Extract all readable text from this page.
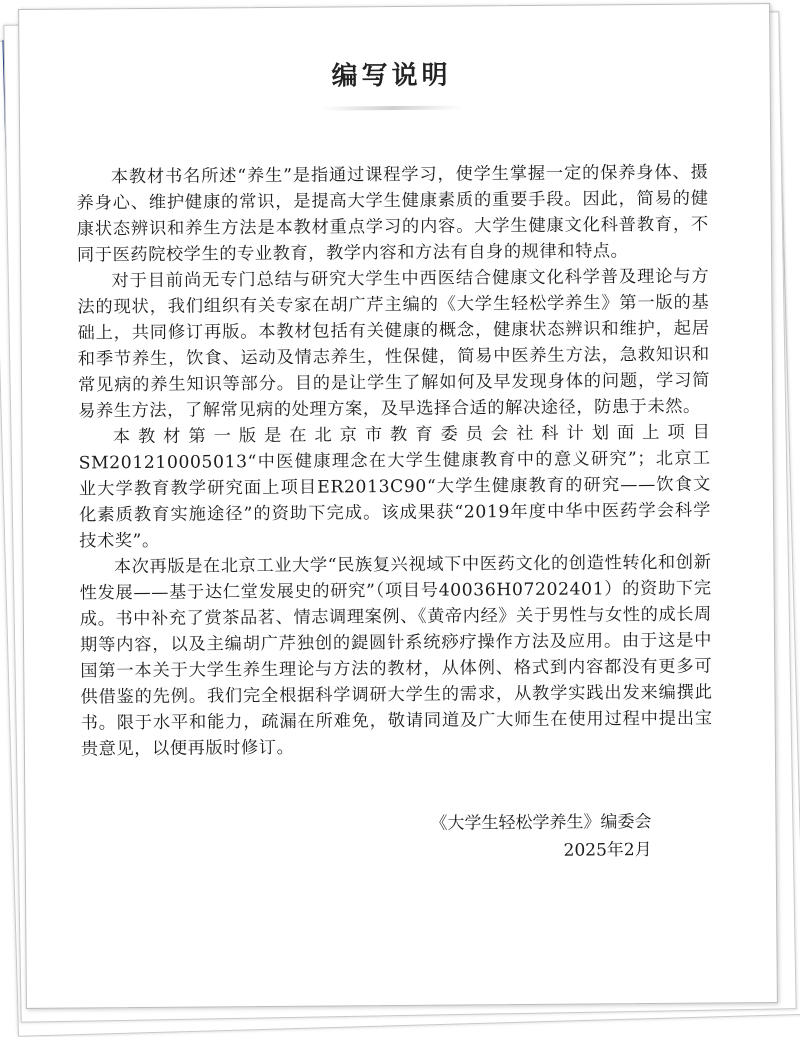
编写说明

本教材书名所述“养生”是指通过课程学习，使学生掌握一定的保养身体、摄养身心、维护健康的常识，是提高大学生健康素质的重要手段。因此，简易的健康状态辨识和养生方法是本教材重点学习的内容。大学生健康文化科普教育，不同于医药院校学生的专业教育，教学内容和方法有自身的规律和特点。

对于目前尚无专门总结与研究大学生中西医结合健康文化科学普及理论与方法的现状，我们组织有关专家在胡广芹主编的《大学生轻松学养生》第一版的基础上，共同修订再版。本教材包括有关健康的概念，健康状态辨识和维护，起居和季节养生，饮食、运动及情志养生，性保健，简易中医养生方法，急救知识和常见病的养生知识等部分。目的是让学生了解如何及早发现身体的问题，学习简易养生方法，了解常见病的处理方案，及早选择合适的解决途径，防患于未然。

本教材第一版是在北京市教育委员会社科计划面上项目SM201210005013“中医健康理念在大学生健康教育中的意义研究”；北京工业大学教育教学研究面上项目ER2013C90“大学生健康教育的研究——饮食文化素质教育实施途径”的资助下完成。该成果获“2019年度中华中医药学会科学技术奖”。

本次再版是在北京工业大学“民族复兴视域下中医药文化的创造性转化和创新性发展——基于达仁堂发展史的研究”（项目号40036H07202401）的资助下完成。书中补充了赏茶品茗、情志调理案例、《黄帝内经》关于男性与女性的成长周期等内容，以及主编胡广芹独创的鍉圆针系统痧疗操作方法及应用。由于这是中国第一本关于大学生养生理论与方法的教材，从体例、格式到内容都没有更多可供借鉴的先例。我们完全根据科学调研大学生的需求，从教学实践出发来编撰此书。限于水平和能力，疏漏在所难免，敬请同道及广大师生在使用过程中提出宝贵意见，以便再版时修订。

《大学生轻松学养生》编委会
2025年2月
